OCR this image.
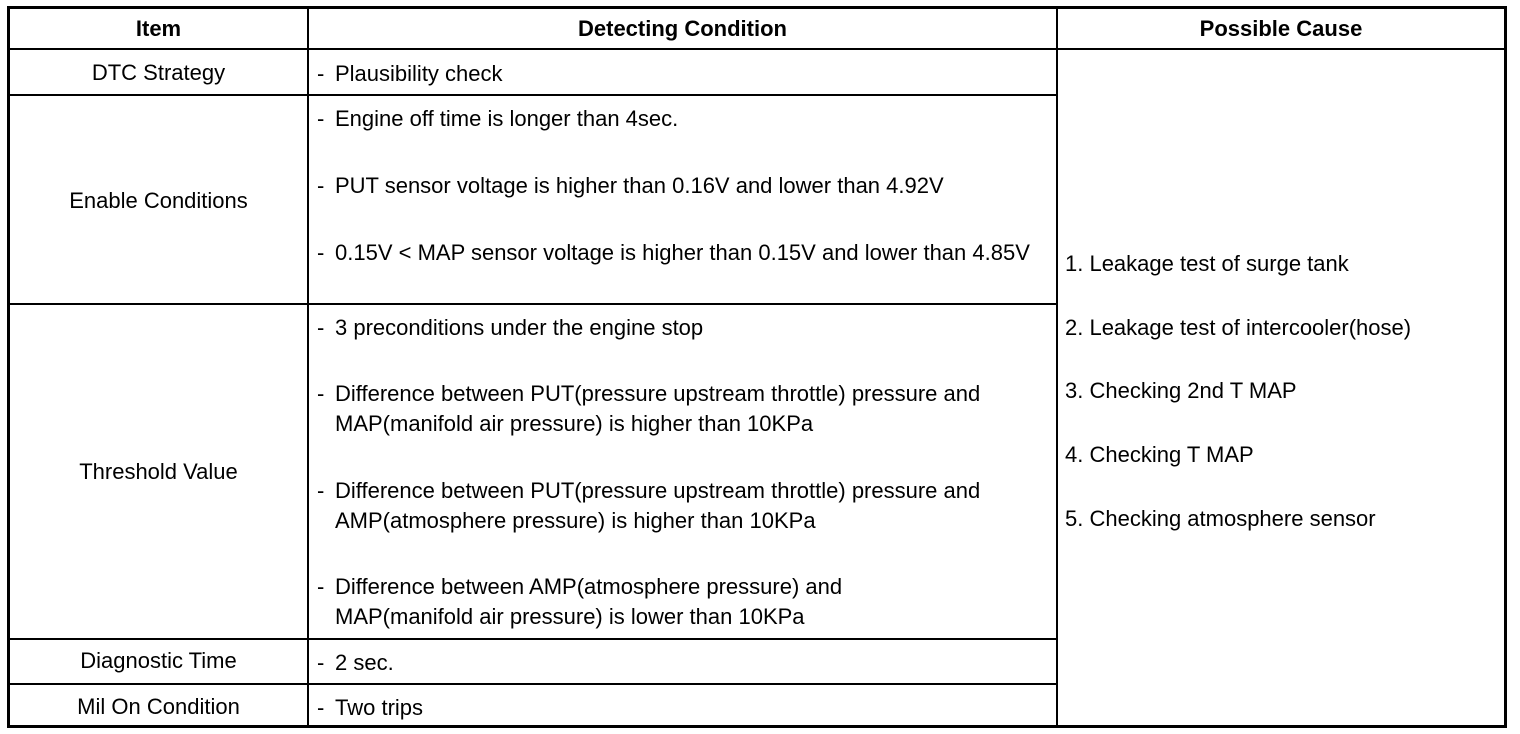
Item	Detecting Condition	Possible Cause
DTC Strategy
Enable Conditions
Threshold Value
Diagnostic Time
Mil On Condition
- Plausibility check
- Engine off time is longer than 4sec.
- PUT sensor voltage is higher than 0.16V and lower than 4.92V
- 0.15V < MAP sensor voltage is higher than 0.15V and lower than 4.85V
- 3 preconditions under the engine stop
- Difference between PUT(pressure upstream throttle) pressure and MAP(manifold air pressure) is higher than 10KPa
- Difference between PUT(pressure upstream throttle) pressure and AMP(atmosphere pressure) is higher than 10KPa
- Difference between AMP(atmosphere pressure) and MAP(manifold air pressure) is lower than 10KPa
- 2 sec.
- Two trips
1. Leakage test of surge tank
2. Leakage test of intercooler(hose)
3. Checking 2nd T MAP
4. Checking T MAP
5. Checking atmosphere sensor
